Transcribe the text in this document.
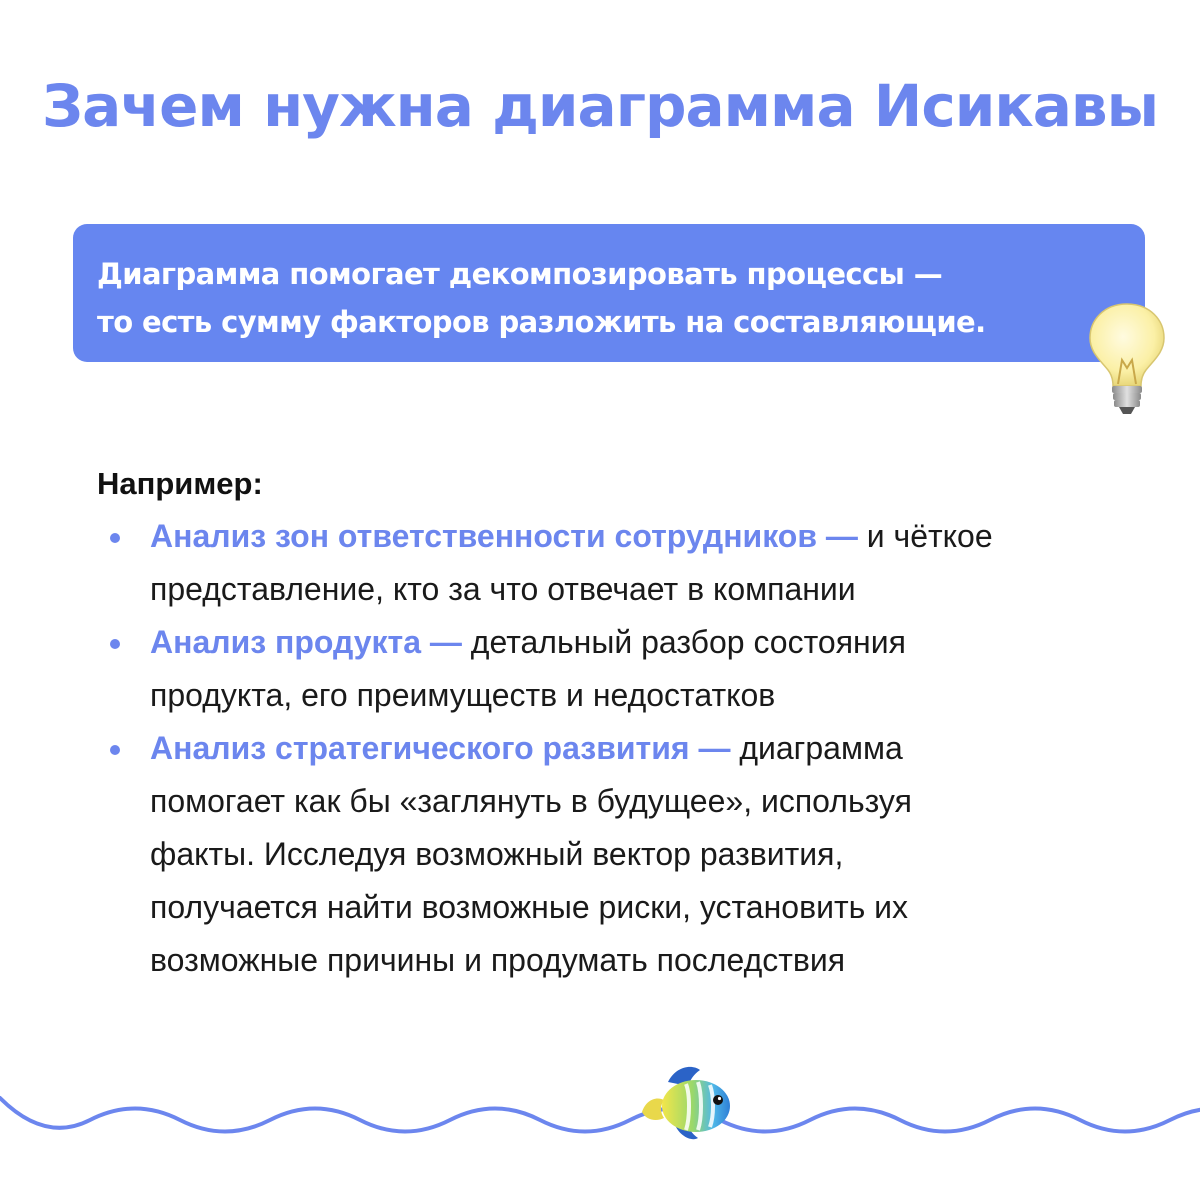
Зачем нужна диаграмма Исикавы
Диаграмма помогает декомпозировать процессы —
то есть сумму факторов разложить на составляющие.
Например:
Анализ зон ответственности сотрудников — и чёткое
представление, кто за что отвечает в компании
Анализ продукта — детальный разбор состояния
продукта, его преимуществ и недостатков
Анализ стратегического развития — диаграмма
помогает как бы «заглянуть в будущее», используя
факты. Исследуя возможный вектор развития,
получается найти возможные риски, установить их
возможные причины и продумать последствия
